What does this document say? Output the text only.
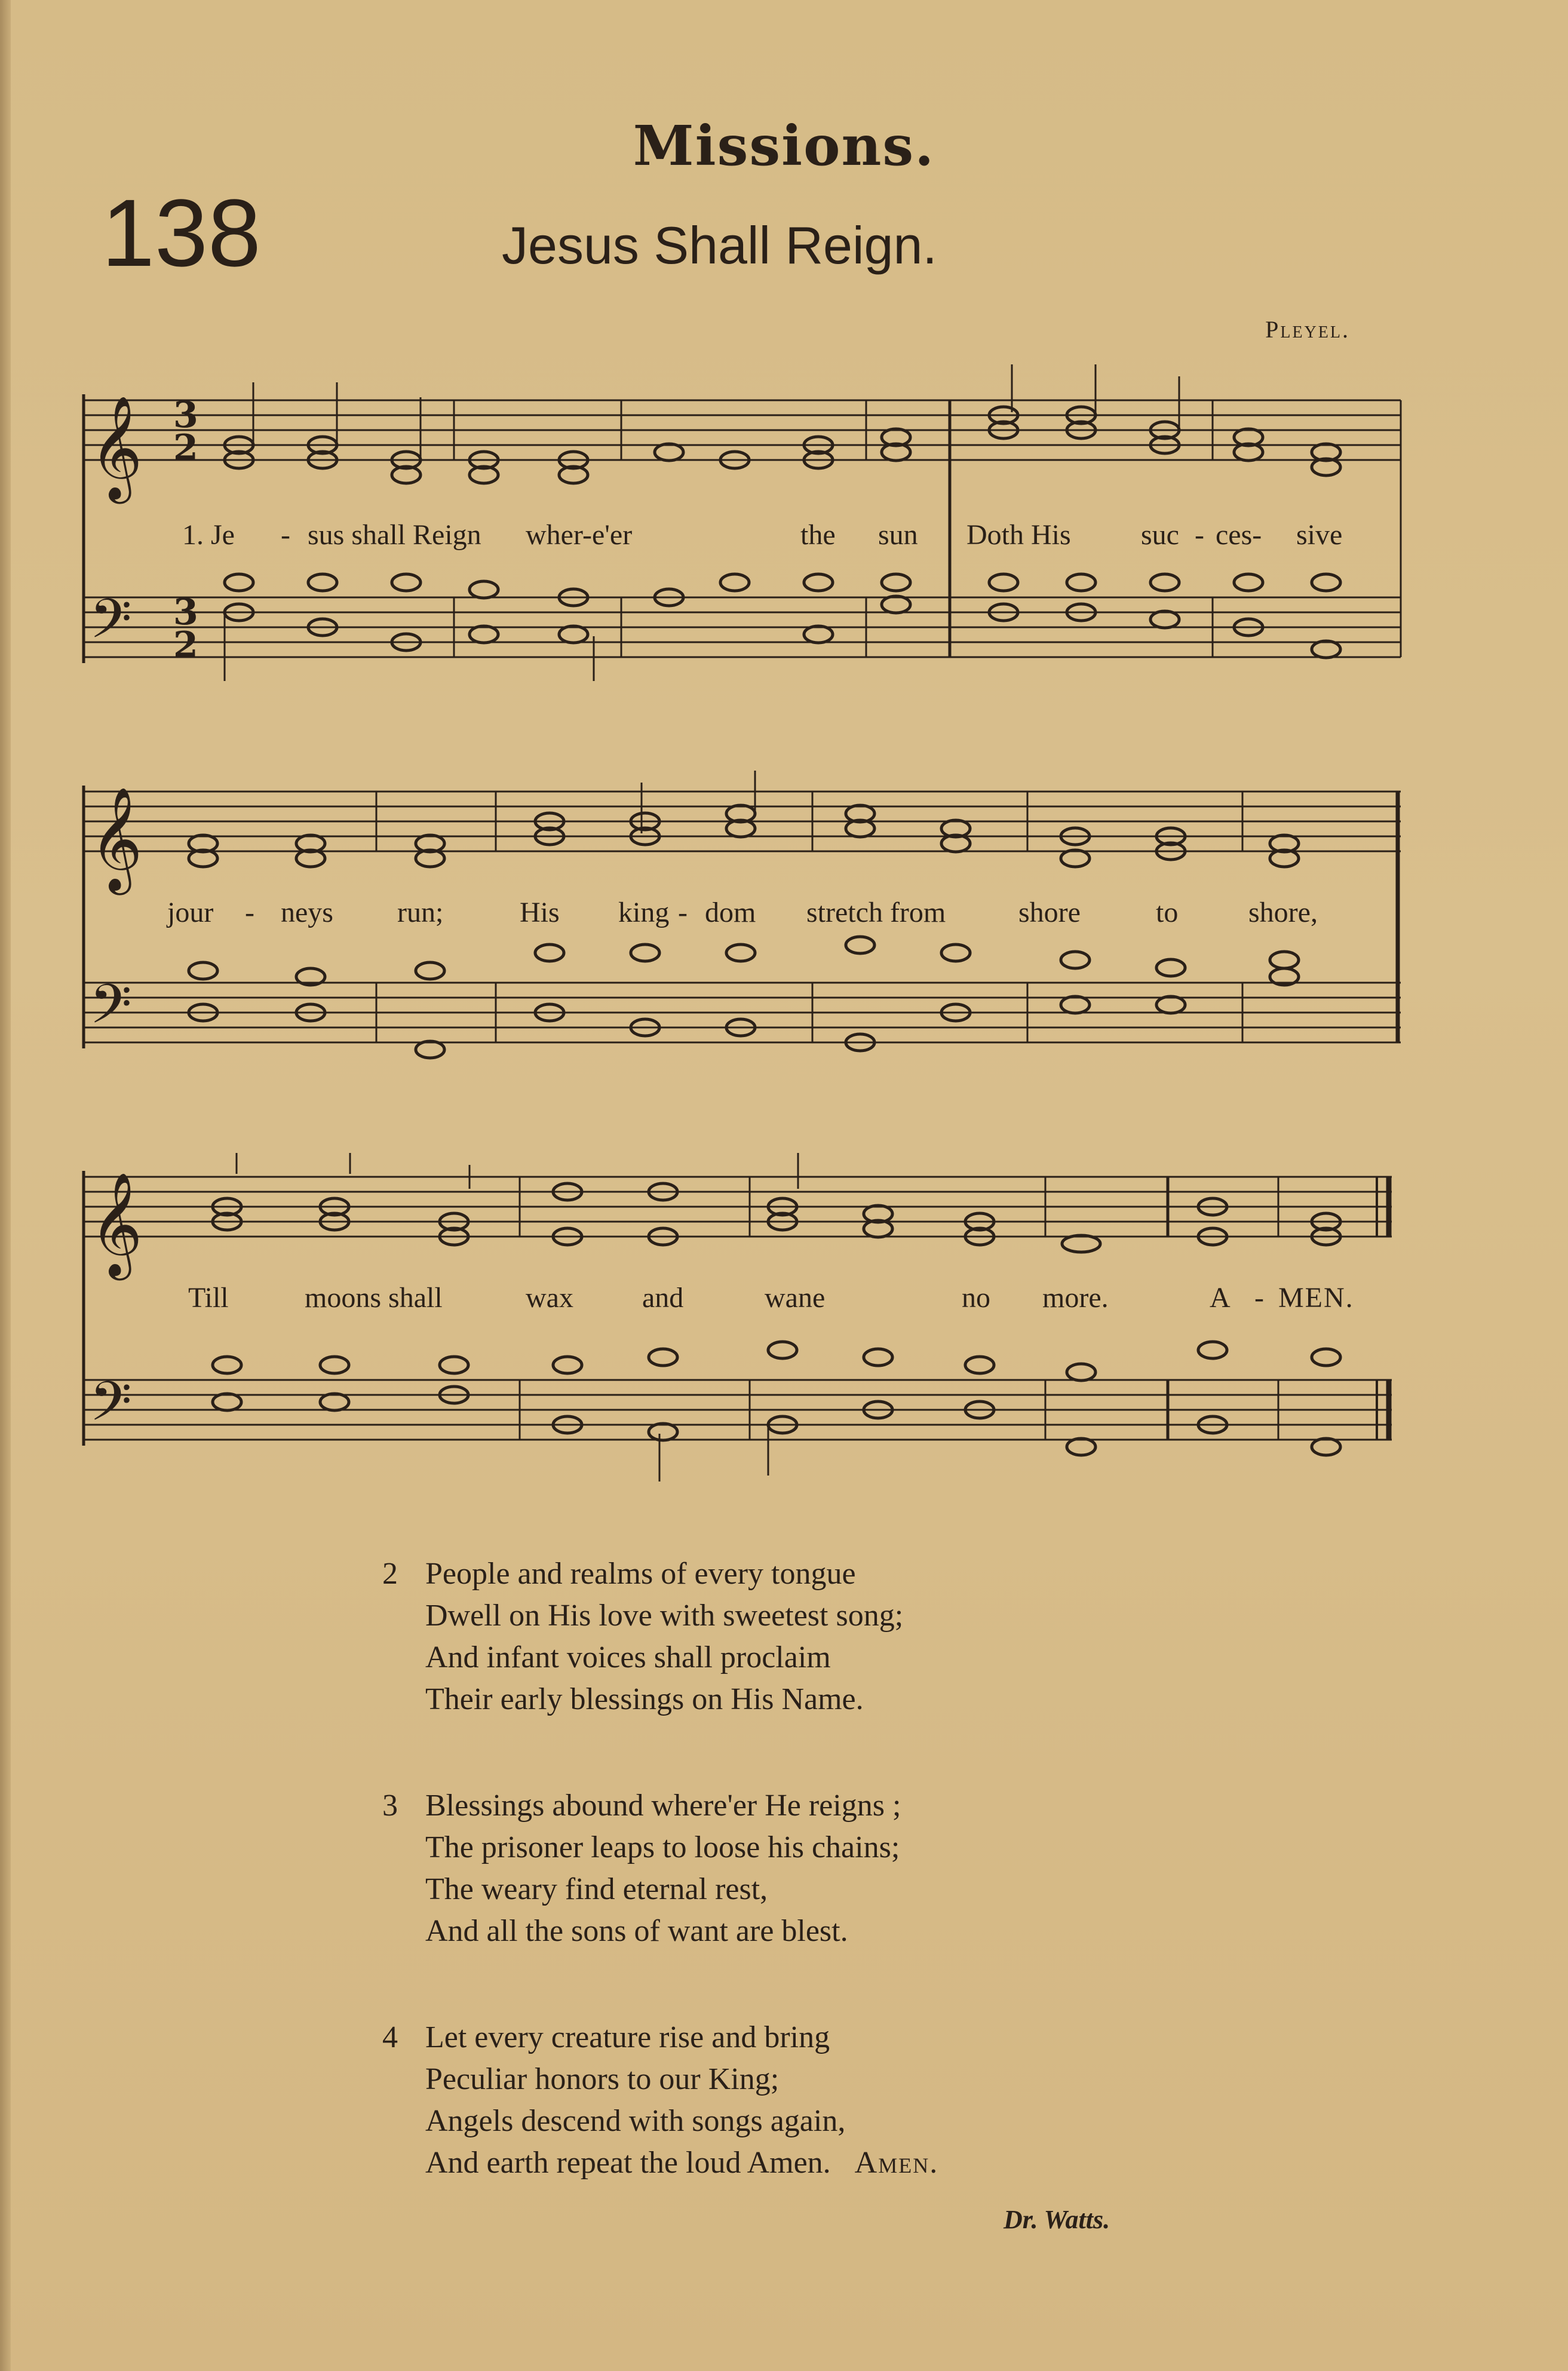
Missions.
138	Jesus Shall Reign.
Pleyel.
𝄞
𝄢
𝄞
𝄢
𝄞
𝄢
3
2
3
2
1. Je - sus shall Reign wher-e'er	the sun Doth His suc - ces- sive
jour - neys run;	His king - dom stretch from	shore	to shore,
Till	moons shall	wax and	wane	no more.	A - MEN.
2 People and realms of every tongue
Dwell on His love with sweetest song;
And infant voices shall proclaim
Their early blessings on His Name.
3 Blessings abound where'er He reigns ;
The prisoner leaps to loose his chains;
The weary find eternal rest,
And all the sons of want are blest.
4 Let every creature rise and bring
Peculiar honors to our King;
Angels descend with songs again,
And earth repeat the loud Amen. Amen.
Dr. Watts.
